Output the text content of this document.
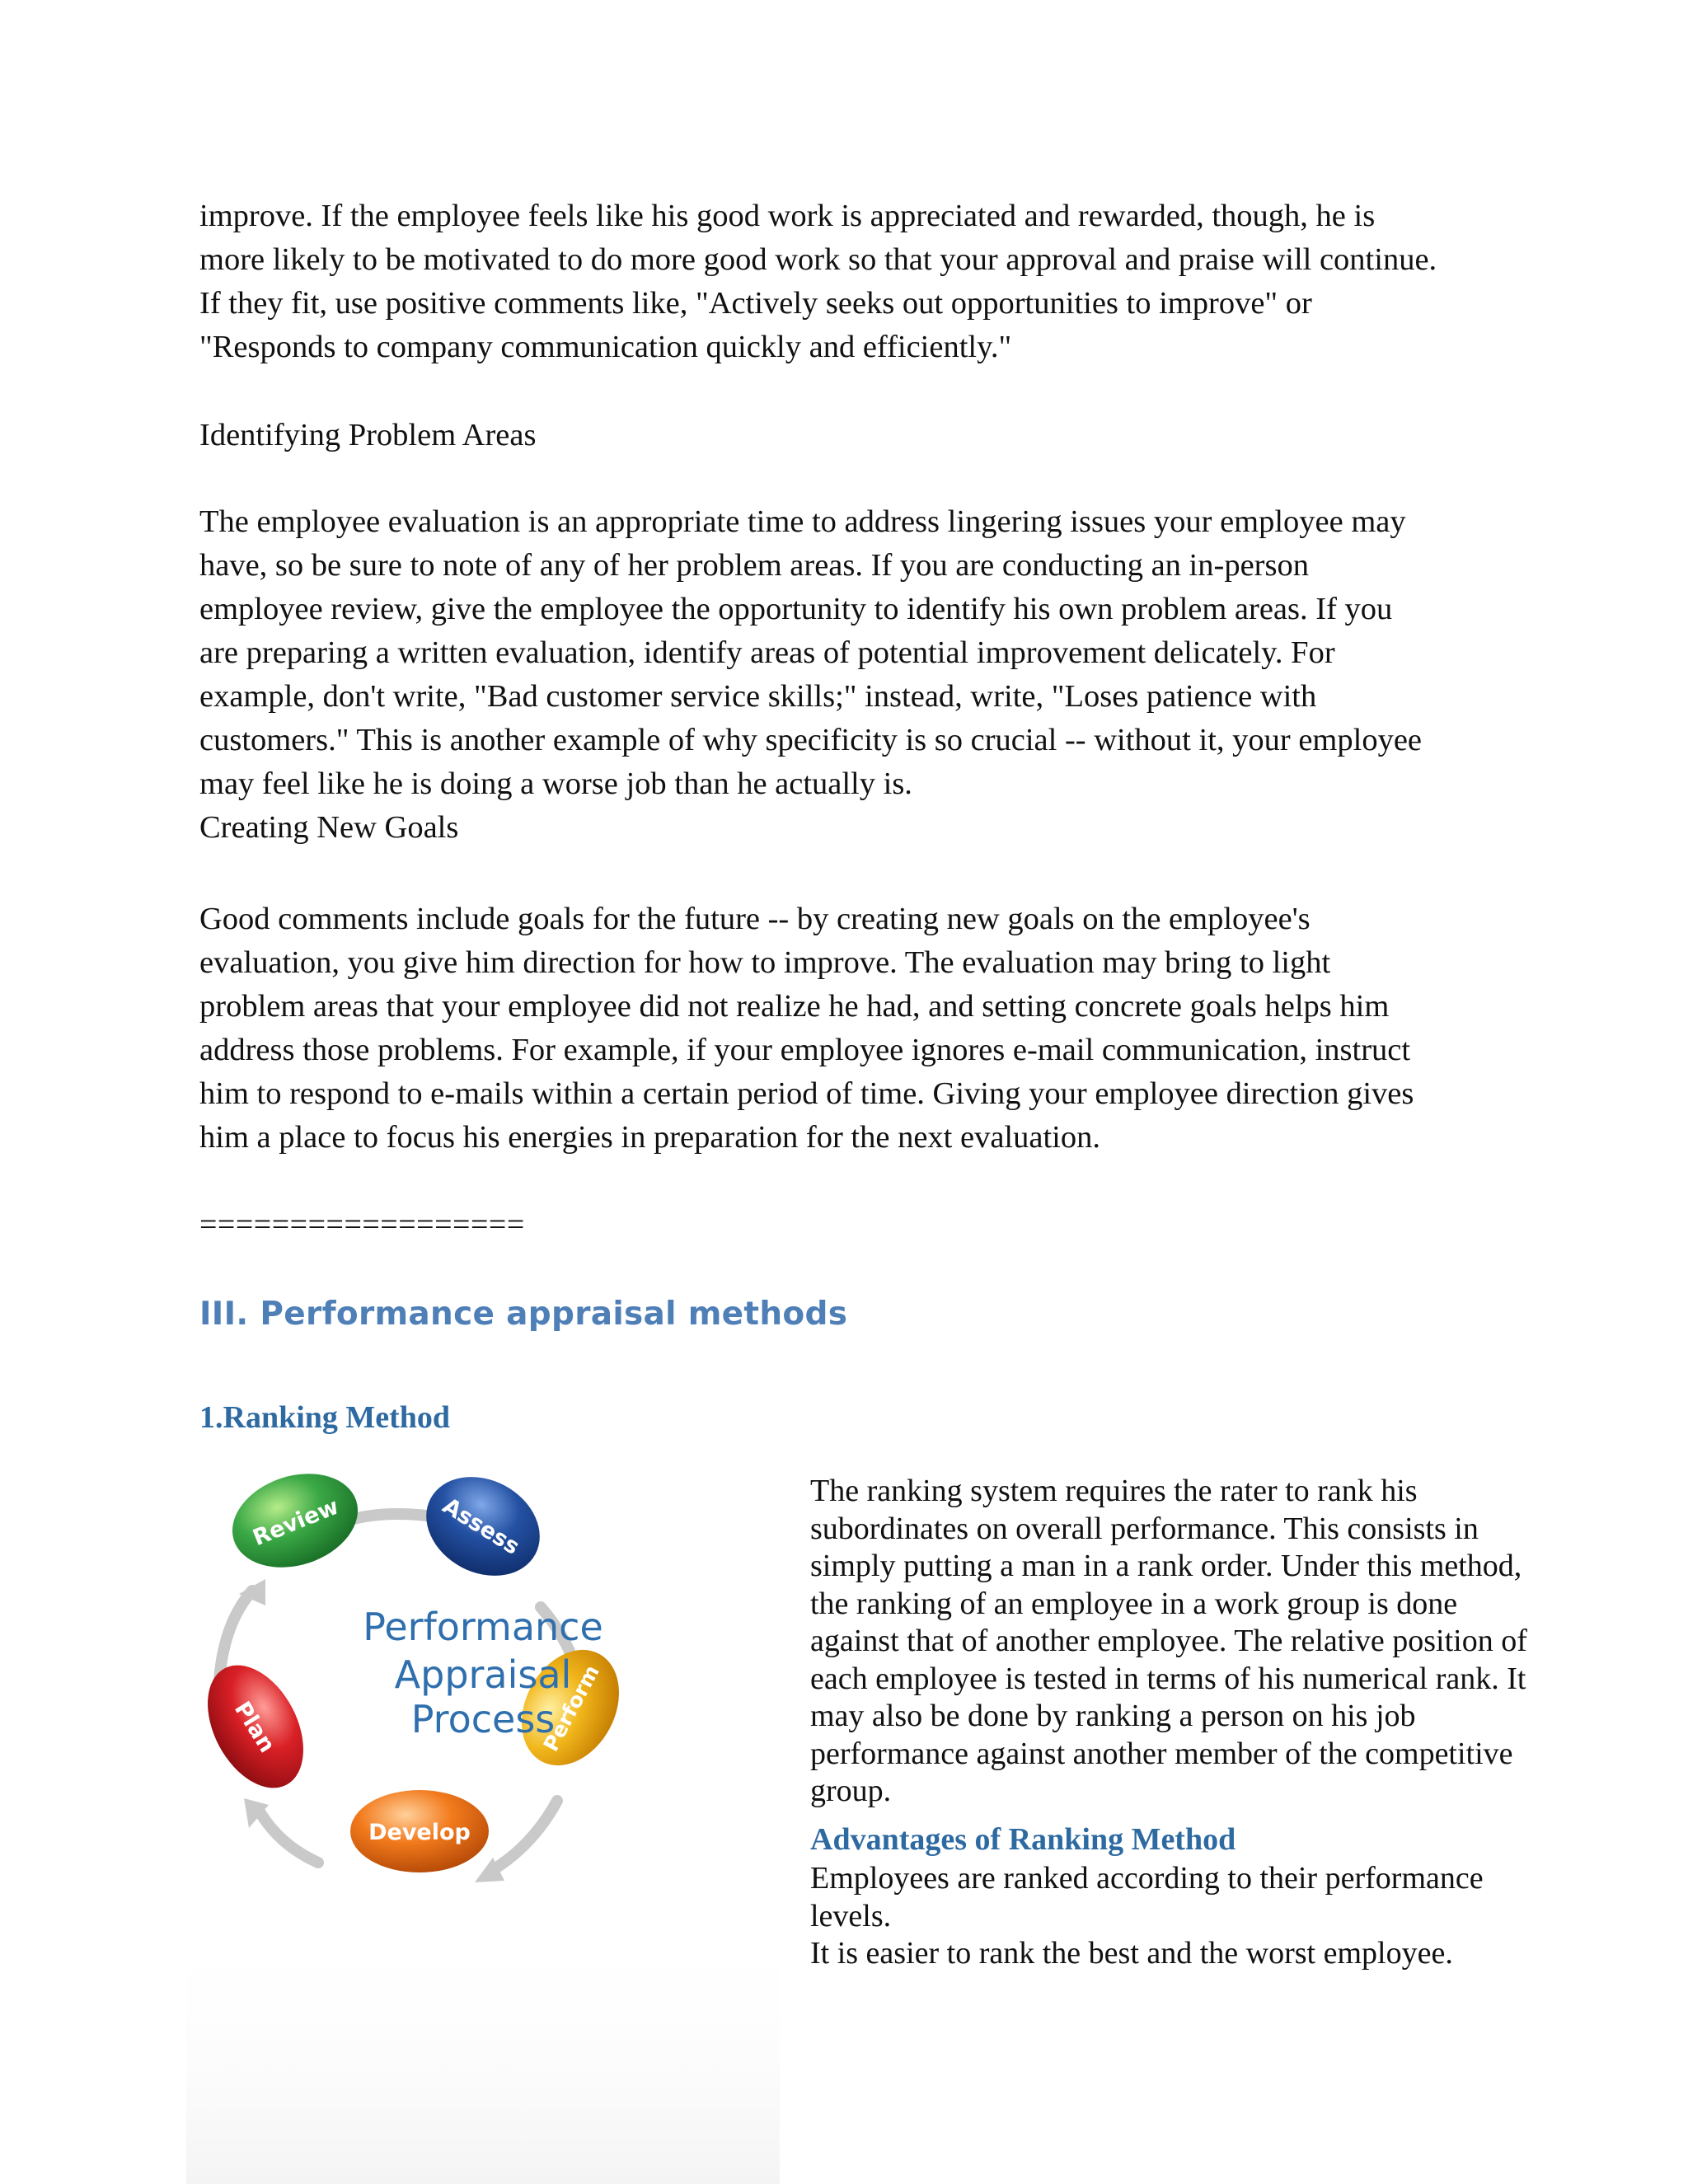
improve. If the employee feels like his good work is appreciated and rewarded, though, he is
more likely to be motivated to do more good work so that your approval and praise will continue.
If they fit, use positive comments like, "Actively seeks out opportunities to improve" or
"Responds to company communication quickly and efficiently."

Identifying Problem Areas

The employee evaluation is an appropriate time to address lingering issues your employee may
have, so be sure to note of any of her problem areas. If you are conducting an in-person
employee review, give the employee the opportunity to identify his own problem areas. If you
are preparing a written evaluation, identify areas of potential improvement delicately. For
example, don't write, "Bad customer service skills;" instead, write, "Loses patience with
customers." This is another example of why specificity is so crucial -- without it, your employee
may feel like he is doing a worse job than he actually is.

Creating New Goals

Good comments include goals for the future -- by creating new goals on the employee's
evaluation, you give him direction for how to improve. The evaluation may bring to light
problem areas that your employee did not realize he had, and setting concrete goals helps him
address those problems. For example, if your employee ignores e-mail communication, instruct
him to respond to e-mails within a certain period of time. Giving your employee direction gives
him a place to focus his energies in preparation for the next evaluation.
==================
III. Performance appraisal methods
1.Ranking Method
Review	Assess
Perform
Develop
Plan
Performance
Appraisal
Process
The ranking system requires the rater to rank his
subordinates on overall performance. This consists in
simply putting a man in a rank order. Under this method,
the ranking of an employee in a work group is done
against that of another employee. The relative position of
each employee is tested in terms of his numerical rank. It
may also be done by ranking a person on his job
performance against another member of the competitive
group.
Advantages of Ranking Method
Employees are ranked according to their performance
levels.
It is easier to rank the best and the worst employee.
